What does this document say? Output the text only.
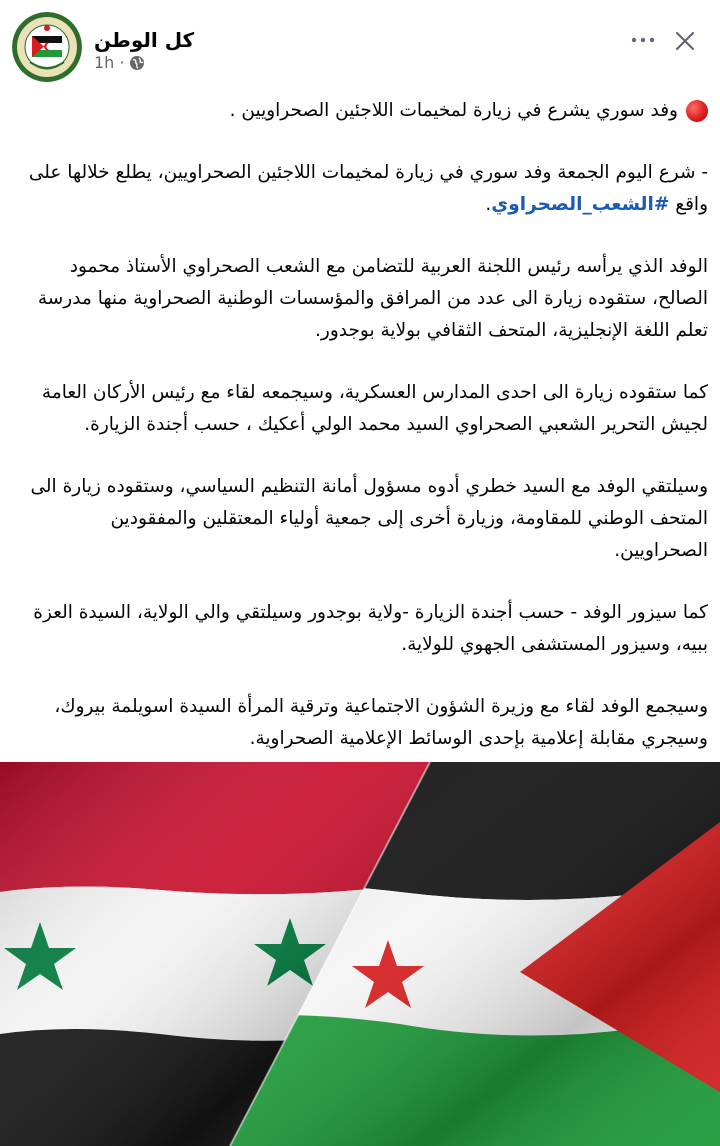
كل الوطن
1h ·

وفد سوري يشرع في زيارة لمخيمات اللاجئين الصحراويين .

- شرع اليوم الجمعة وفد سوري في زيارة لمخيمات اللاجئين الصحراويين، يطلع خلالها على واقع #الشعب_الصحراوي.

الوفد الذي يرأسه رئيس اللجنة العربية للتضامن مع الشعب الصحراوي الأستاذ محمود الصالح، ستقوده زيارة الى عدد من المرافق والمؤسسات الوطنية الصحراوية منها مدرسة تعلم اللغة الإنجليزية، المتحف الثقافي بولاية بوجدور.

كما ستقوده زيارة الى احدى المدارس العسكرية، وسيجمعه لقاء مع رئيس الأركان العامة لجيش التحرير الشعبي الصحراوي السيد محمد الولي أعكيك ، حسب أجندة الزيارة.

وسيلتقي الوفد مع السيد خطري أدوه مسؤول أمانة التنظيم السياسي، وستقوده زيارة الى المتحف الوطني للمقاومة، وزيارة أخرى إلى جمعية أولياء المعتقلين والمفقودين الصحراويين.

كما سيزور الوفد - حسب أجندة الزيارة -ولاية بوجدور وسيلتقي والي الولاية، السيدة العزة ببيه، وسيزور المستشفى الجهوي للولاية.

وسيجمع الوفد لقاء مع وزيرة الشؤون الاجتماعية وترقية المرأة السيدة اسويلمة بيروك، وسيجري مقابلة إعلامية بإحدى الوسائط الإعلامية الصحراوية.
